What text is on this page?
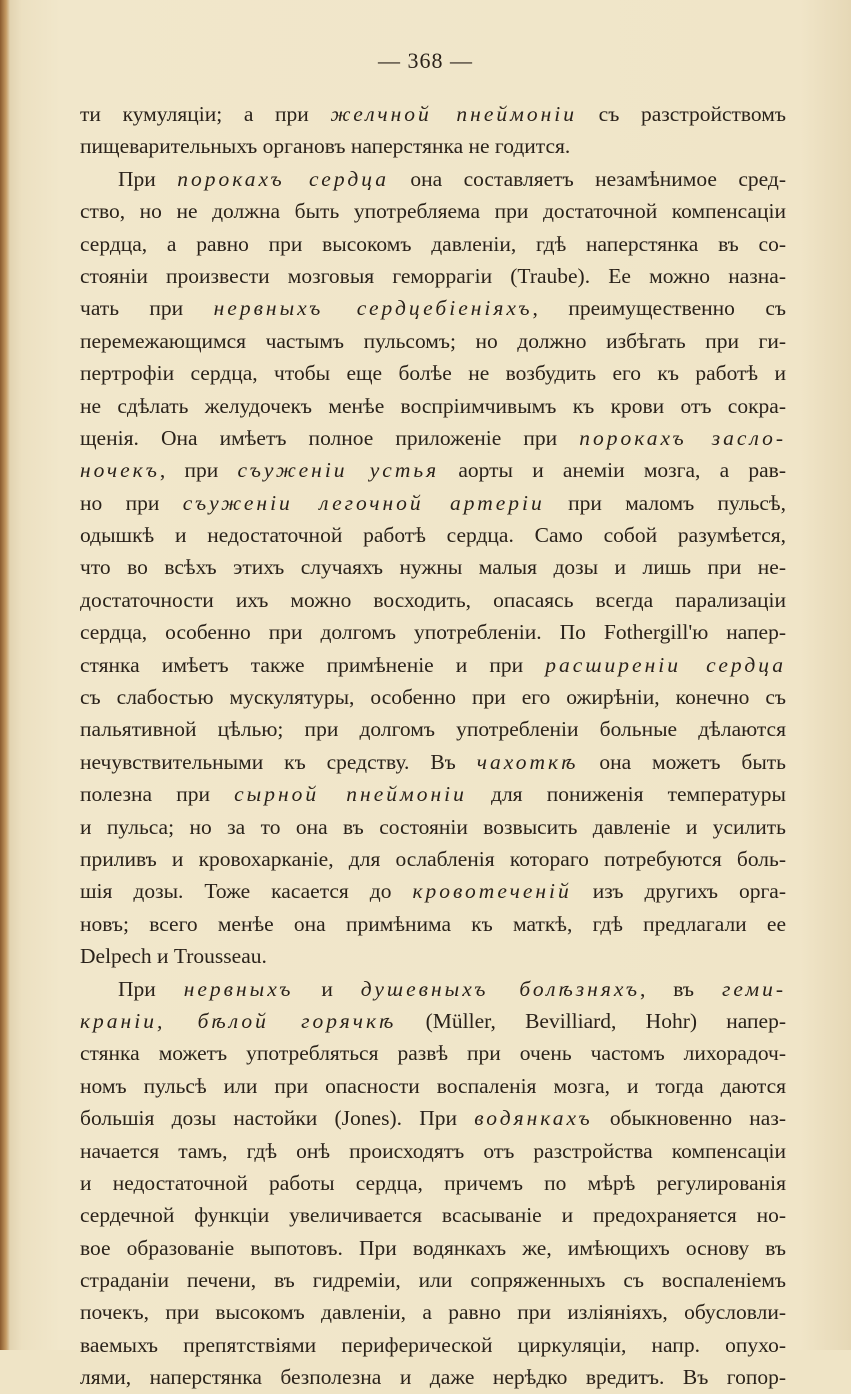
— 368 —
ти кумуляціи; а при желчной пнеймоніи съ разстройствомъ
пищеварительныхъ органовъ наперстянка не годится.
При порокахъ сердца она составляетъ незамѣнимое сред-
ство, но не должна быть употребляема при достаточной компенсаціи
сердца, а равно при высокомъ давленіи, гдѣ наперстянка въ со-
стояніи произвести мозговыя геморрагіи (Traube). Ее можно назна-
чать при нервныхъ сердцебіеніяхъ, преимущественно съ
перемежающимся частымъ пульсомъ; но должно избѣгать при ги-
пертрофіи сердца, чтобы еще болѣе не возбудить его къ работѣ и
не сдѣлать желудочекъ менѣе воспріимчивымъ къ крови отъ сокра-
щенія. Она имѣетъ полное приложеніе при порокахъ засло-
ночекъ, при съуженіи устья аорты и анеміи мозга, а рав-
но при съуженіи легочной артеріи при маломъ пульсѣ,
одышкѣ и недостаточной работѣ сердца. Само собой разумѣется,
что во всѣхъ этихъ случаяхъ нужны малыя дозы и лишь при не-
достаточности ихъ можно восходить, опасаясь всегда парализаціи
сердца, особенно при долгомъ употребленіи. По Fothergill'ю напер-
стянка имѣетъ также примѣненіе и при расширеніи сердца
съ слабостью мускулятуры, особенно при его ожирѣніи, конечно съ
пальятивной цѣлью; при долгомъ употребленіи больные дѣлаются
нечувствительными къ средству. Въ чахоткѣ она можетъ быть
полезна при сырной пнеймоніи для пониженія температуры
и пульса; но за то она въ состояніи возвысить давленіе и усилить
приливъ и кровохарканіе, для ослабленія котораго потребуются боль-
шія дозы. Тоже касается до кровотеченій изъ другихъ орга-
новъ; всего менѣе она примѣнима къ маткѣ, гдѣ предлагали ее
Delpech и Trousseau.
При нервныхъ и душевныхъ болѣзняхъ, въ геми-
краніи, бѣлой горячкѣ (Müller, Bevilliard, Hohr) напер-
стянка можетъ употребляться развѣ при очень частомъ лихорадоч-
номъ пульсѣ или при опасности воспаленія мозга, и тогда даются
большія дозы настойки (Jones). При водянкахъ обыкновенно наз-
начается тамъ, гдѣ онѣ происходятъ отъ разстройства компенсаціи
и недостаточной работы сердца, причемъ по мѣрѣ регулированія
сердечной функціи увеличивается всасываніе и предохраняется но-
вое образованіе выпотовъ. При водянкахъ же, имѣющихъ основу въ
страданіи печени, въ гидреміи, или сопряженныхъ съ воспаленіемъ
почекъ, при высокомъ давленіи, а равно при изліяніяхъ, обусловли-
ваемыхъ препятствіями периферической циркуляціи, напр. опухо-
лями, наперстянка безполезна и даже нерѣдко вредитъ. Въ гопор-
